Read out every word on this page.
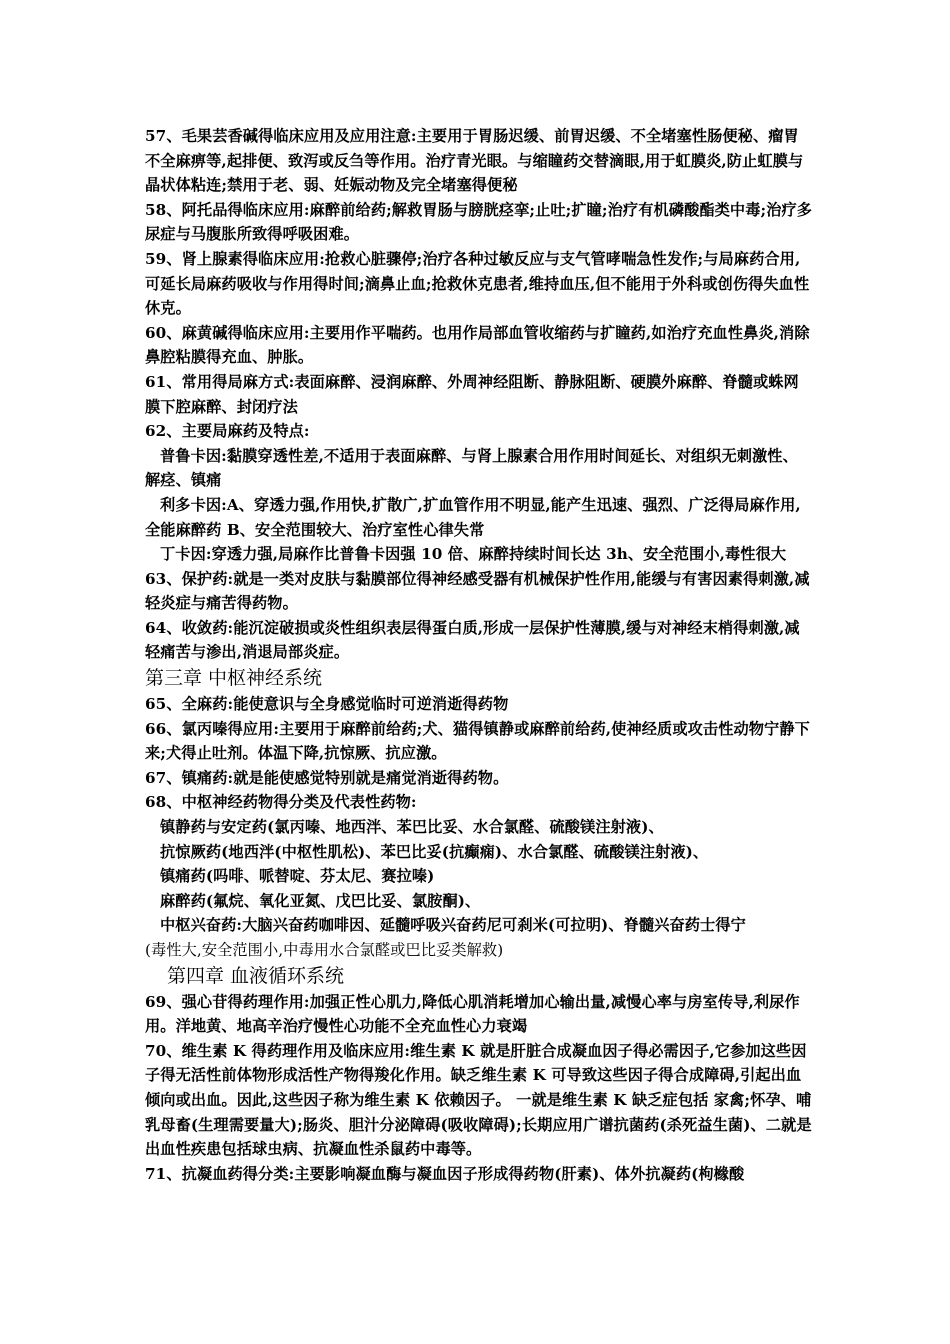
57、毛果芸香碱得临床应用及应用注意:主要用于胃肠迟缓、前胃迟缓、不全堵塞性肠便秘、瘤胃不全麻痹等,起排便、致泻或反刍等作用。治疗青光眼。与缩瞳药交替滴眼,用于虹膜炎,防止虹膜与晶状体粘连;禁用于老、弱、妊娠动物及完全堵塞得便秘

58、阿托品得临床应用:麻醉前给药;解救胃肠与膀胱痉挛;止吐;扩瞳;治疗有机磷酸酯类中毒;治疗多尿症与马腹胀所致得呼吸困难。

59、肾上腺素得临床应用:抢救心脏骤停;治疗各种过敏反应与支气管哮喘急性发作;与局麻药合用,可延长局麻药吸收与作用得时间;滴鼻止血;抢救休克患者,维持血压,但不能用于外科或创伤得失血性休克。

60、麻黄碱得临床应用:主要用作平喘药。也用作局部血管收缩药与扩瞳药,如治疗充血性鼻炎,消除鼻腔粘膜得充血、肿胀。

61、常用得局麻方式:表面麻醉、浸润麻醉、外周神经阻断、静脉阻断、硬膜外麻醉、脊髓或蛛网膜下腔麻醉、封闭疗法

62、主要局麻药及特点:

普鲁卡因:黏膜穿透性差,不适用于表面麻醉、与肾上腺素合用作用时间延长、对组织无刺激性、解痉、镇痛

利多卡因:A、穿透力强,作用快,扩散广,扩血管作用不明显,能产生迅速、强烈、广泛得局麻作用,全能麻醉药 B、安全范围较大、治疗室性心律失常

丁卡因:穿透力强,局麻作比普鲁卡因强 10 倍、麻醉持续时间长达 3h、安全范围小,毒性很大

63、保护药:就是一类对皮肤与黏膜部位得神经感受器有机械保护性作用,能缓与有害因素得刺激,减轻炎症与痛苦得药物。

64、收敛药:能沉淀破损或炎性组织表层得蛋白质,形成一层保护性薄膜,缓与对神经末梢得刺激,减轻痛苦与渗出,消退局部炎症。

第三章 中枢神经系统

65、全麻药:能使意识与全身感觉临时可逆消逝得药物

66、氯丙嗪得应用:主要用于麻醉前给药;犬、猫得镇静或麻醉前给药,使神经质或攻击性动物宁静下来;犬得止吐剂。体温下降,抗惊厥、抗应激。

67、镇痛药:就是能使感觉特别就是痛觉消逝得药物。

68、中枢神经药物得分类及代表性药物:

镇静药与安定药(氯丙嗪、地西泮、苯巴比妥、水合氯醛、硫酸镁注射液)、

抗惊厥药(地西泮(中枢性肌松)、苯巴比妥(抗癫痫)、水合氯醛、硫酸镁注射液)、

镇痛药(吗啡、哌替啶、芬太尼、赛拉嗪)

麻醉药(氟烷、氧化亚氮、戊巴比妥、氯胺酮)、

中枢兴奋药:大脑兴奋药咖啡因、延髓呼吸兴奋药尼可刹米(可拉明)、脊髓兴奋药士得宁

(毒性大,安全范围小,中毒用水合氯醛或巴比妥类解救)

第四章 血液循环系统

69、强心苷得药理作用:加强正性心肌力,降低心肌消耗增加心输出量,减慢心率与房室传导,利尿作用。洋地黄、地高辛治疗慢性心功能不全充血性心力衰竭

70、维生素 K 得药理作用及临床应用:维生素 K 就是肝脏合成凝血因子得必需因子,它参加这些因子得无活性前体物形成活性产物得羧化作用。缺乏维生素 K 可导致这些因子得合成障碍,引起出血倾向或出血。因此,这些因子称为维生素 K 依赖因子。 一就是维生素 K 缺乏症包括 家禽;怀孕、哺乳母畜(生理需要量大);肠炎、胆汁分泌障碍(吸收障碍);长期应用广谱抗菌药(杀死益生菌)、二就是出血性疾患包括球虫病、抗凝血性杀鼠药中毒等。

71、抗凝血药得分类:主要影响凝血酶与凝血因子形成得药物(肝素)、体外抗凝药(枸橼酸
